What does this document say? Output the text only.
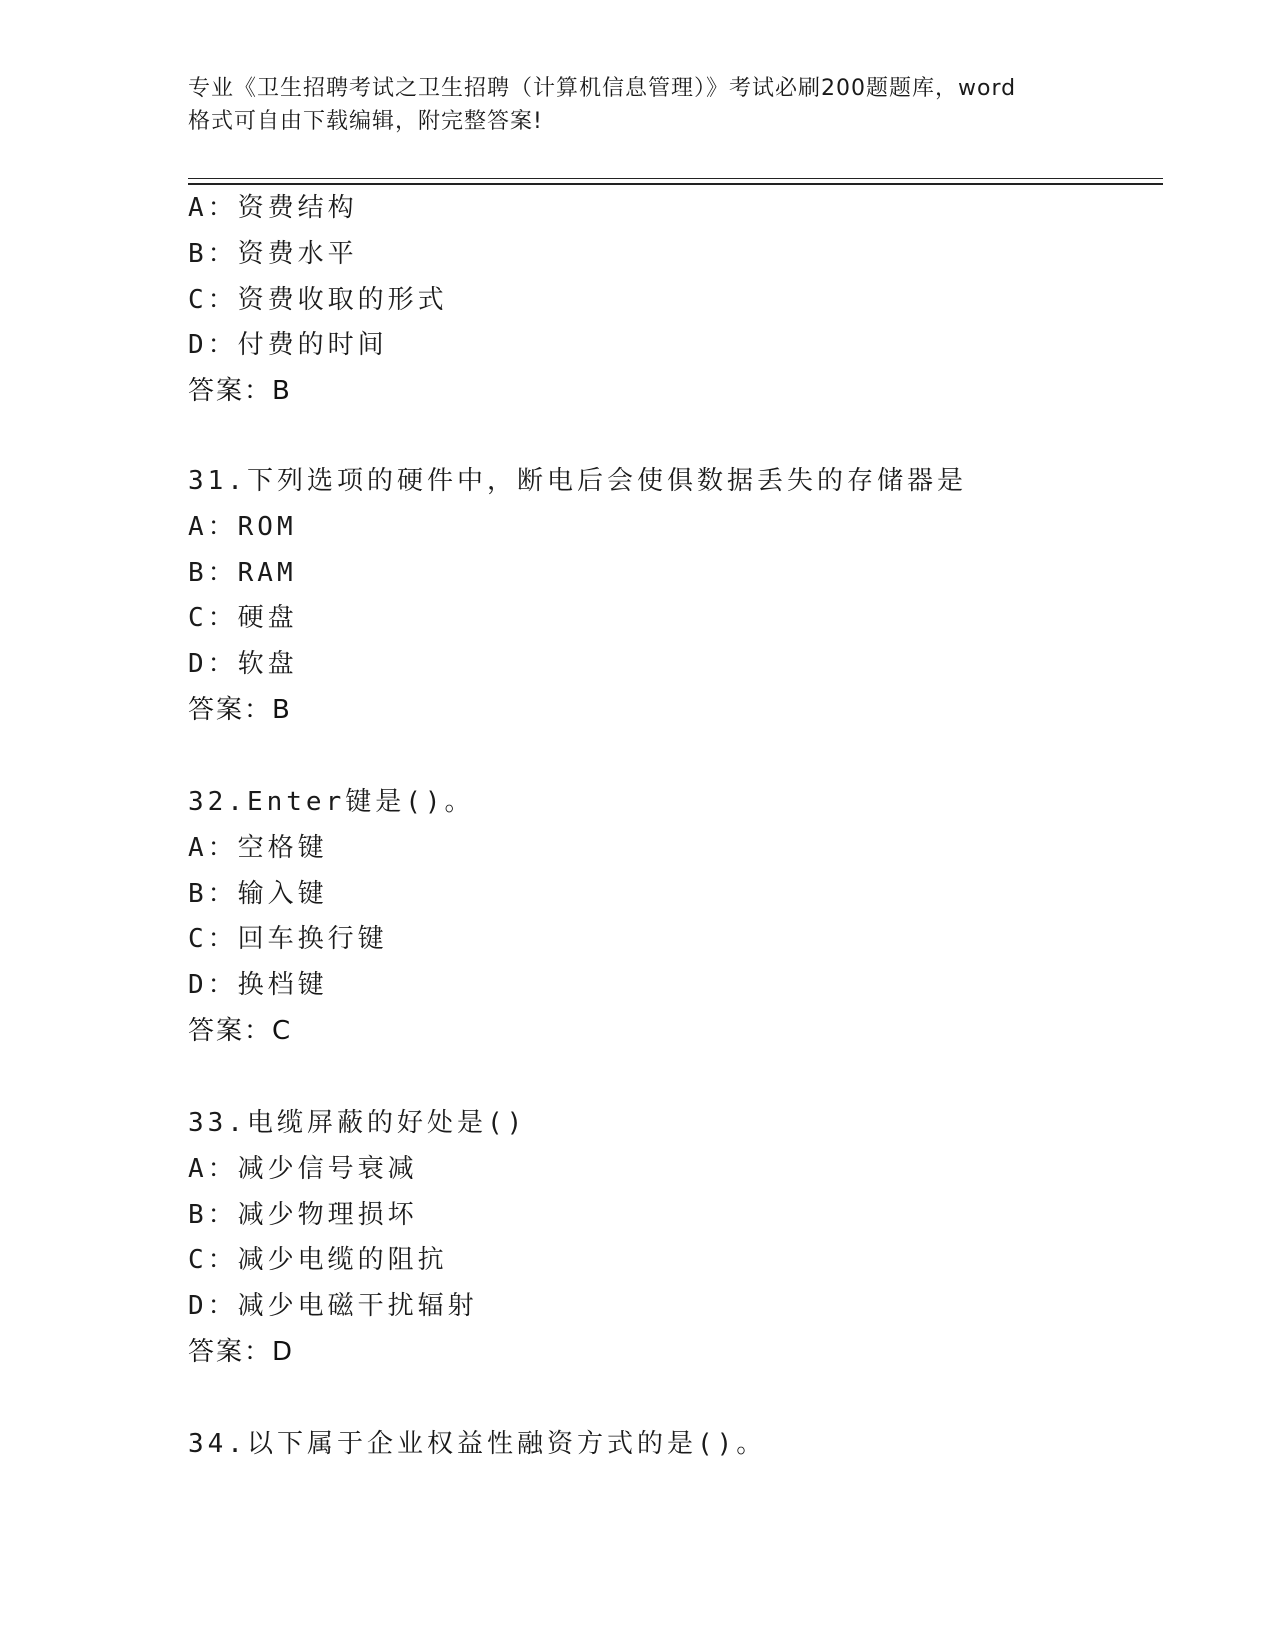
专业《卫生招聘考试之卫生招聘（计算机信息管理）》考试必刷200题题库，word
格式可自由下载编辑，附完整答案!
A：资费结构
B：资费水平
C：资费收取的形式
D：付费的时间
答案：B
31.下列选项的硬件中，断电后会使俱数据丢失的存储器是
A：ROM
B：RAM
C：硬盘
D：软盘
答案：B
32.Enter键是()。
A：空格键
B：输入键
C：回车换行键
D：换档键
答案：C
33.电缆屏蔽的好处是()
A：减少信号衰减
B：减少物理损坏
C：减少电缆的阻抗
D：减少电磁干扰辐射
答案：D
34.以下属于企业权益性融资方式的是()。
